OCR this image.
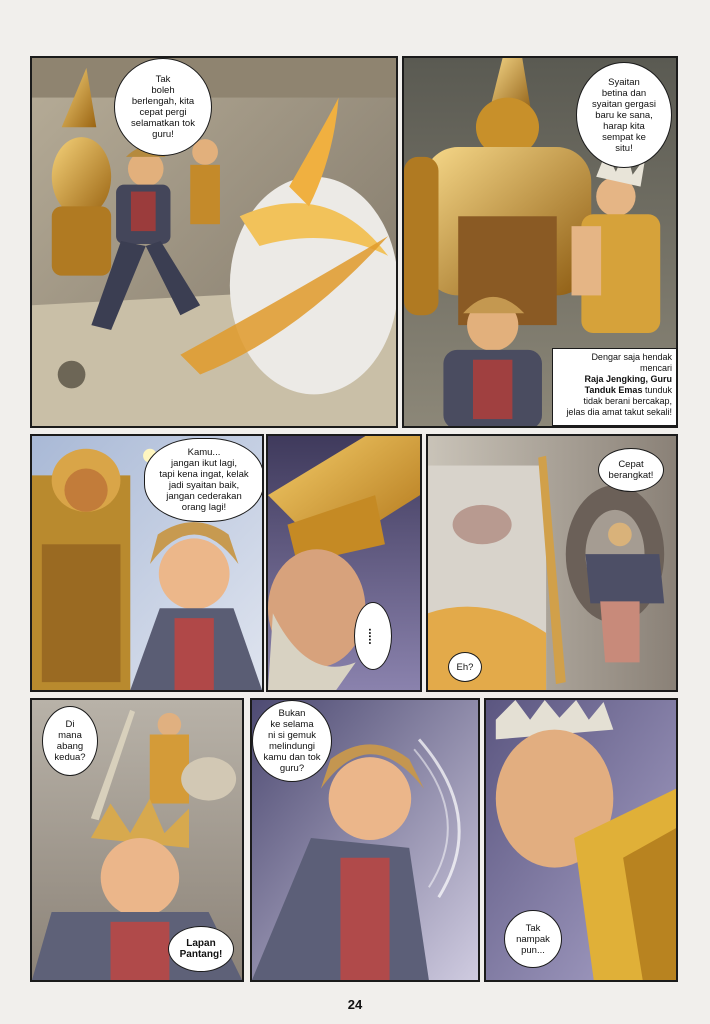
Tak
boleh
berlengah, kita
cepat pergi
selamatkan tok
guru!
Syaitan
betina dan
syaitan gergasi
baru ke sana,
harap kita
sempat ke
situ!
Dengar saja hendak mencari
Raja Jengking, Guru
Tanduk Emas tunduk
tidak berani bercakap,
jelas dia amat takut sekali!
Kamu...
jangan ikut lagi,
tapi kena ingat, kelak
jadi syaitan baik,
jangan cederakan
orang lagi!
.....
Cepat
berangkat!
Eh?
Di
mana
abang
kedua?
Lapan
Pantang!
Bukan
ke selama
ni si gemuk
melindungi
kamu dan tok
guru?
Tak
nampak
pun...
24
